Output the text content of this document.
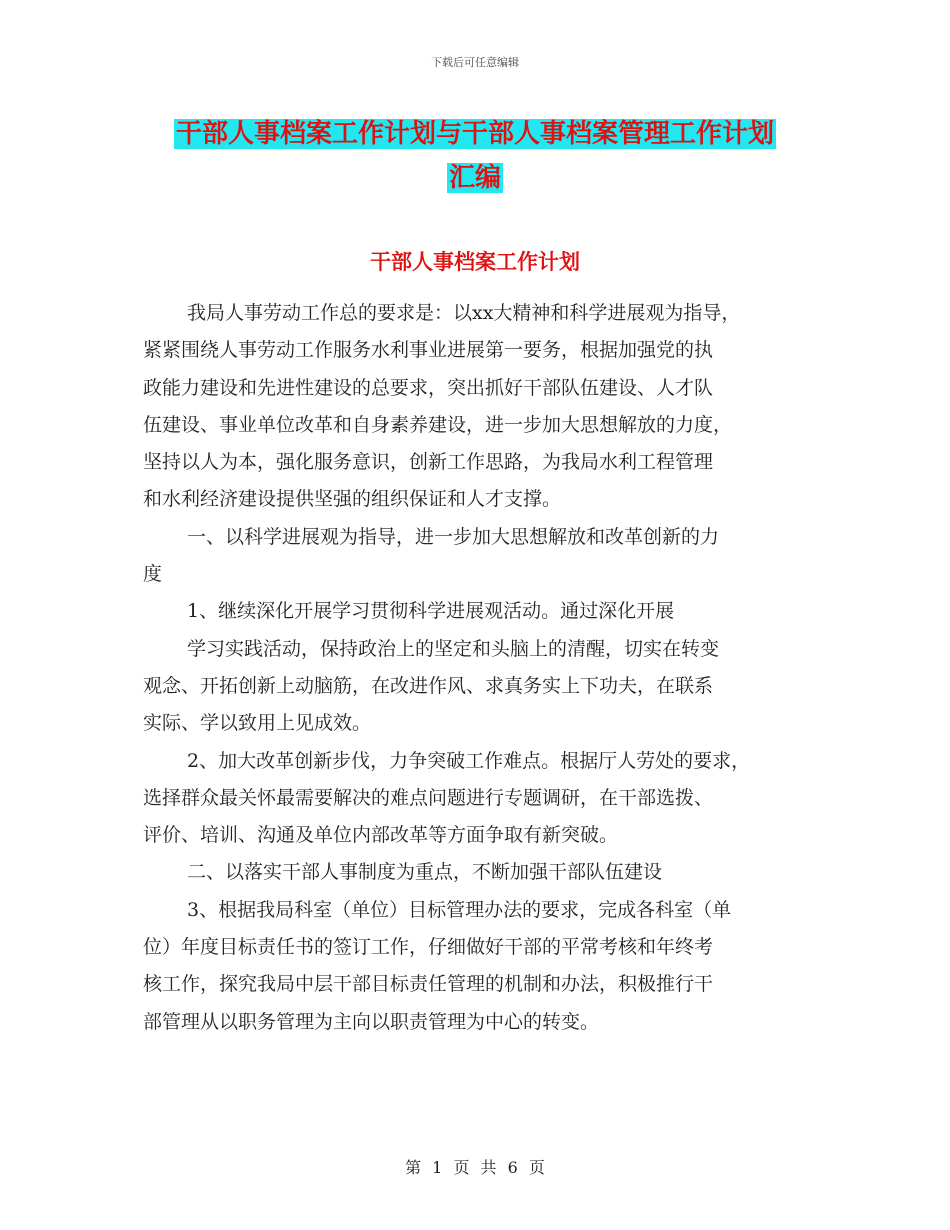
下载后可任意编辑
干部人事档案工作计划与干部人事档案管理工作计划
汇编
干部人事档案工作计划
我局人事劳动工作总的要求是：以xx大精神和科学进展观为指导，
紧紧围绕人事劳动工作服务水利事业进展第一要务，根据加强党的执
政能力建设和先进性建设的总要求，突出抓好干部队伍建设、人才队
伍建设、事业单位改革和自身素养建设，进一步加大思想解放的力度，
坚持以人为本，强化服务意识，创新工作思路，为我局水利工程管理
和水利经济建设提供坚强的组织保证和人才支撑。
一、以科学进展观为指导，进一步加大思想解放和改革创新的力
度
1、继续深化开展学习贯彻科学进展观活动。通过深化开展
学习实践活动，保持政治上的坚定和头脑上的清醒，切实在转变
观念、开拓创新上动脑筋，在改进作风、求真务实上下功夫，在联系
实际、学以致用上见成效。
2、加大改革创新步伐，力争突破工作难点。根据厅人劳处的要求，
选择群众最关怀最需要解决的难点问题进行专题调研，在干部选拨、
评价、培训、沟通及单位内部改革等方面争取有新突破。
二、以落实干部人事制度为重点，不断加强干部队伍建设
3、根据我局科室（单位）目标管理办法的要求，完成各科室（单
位）年度目标责任书的签订工作，仔细做好干部的平常考核和年终考
核工作，探究我局中层干部目标责任管理的机制和办法，积极推行干
部管理从以职务管理为主向以职责管理为中心的转变。
第 1 页 共 6 页
